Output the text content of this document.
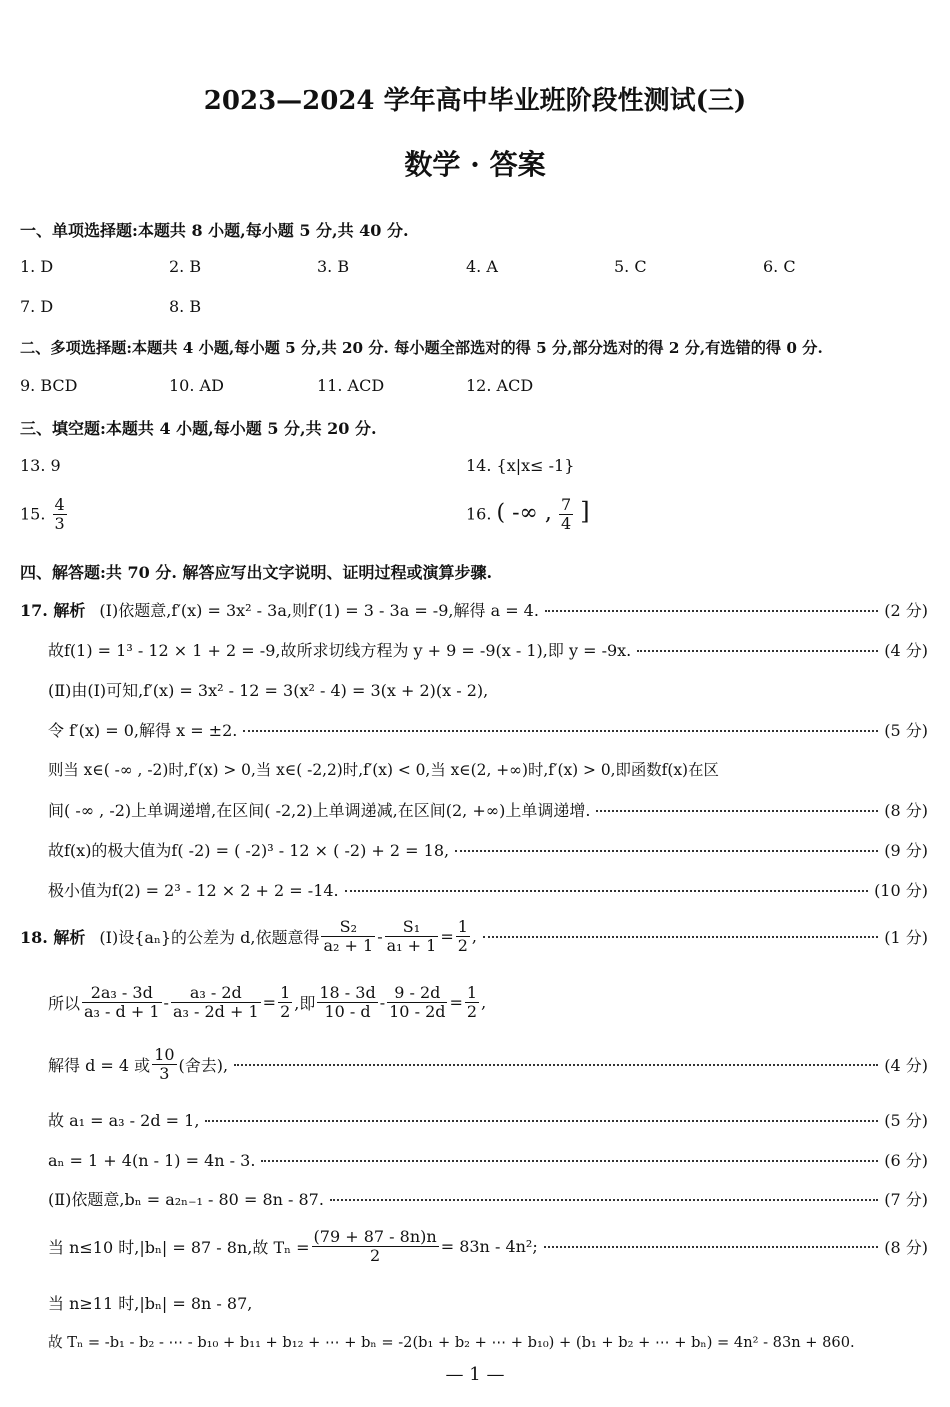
2023—2024 学年高中毕业班阶段性测试(三)
数学 · 答案
一、单项选择题:本题共 8 小题,每小题 5 分,共 40 分.
1. D	2. B	3. B	4. A	5. C	6. C
7. D	8. B
二、多项选择题:本题共 4 小题,每小题 5 分,共 20 分. 每小题全部选对的得 5 分,部分选对的得 2 分,有选错的得 0 分.
9. BCD	10. AD	11. ACD	12. ACD
三、填空题:本题共 4 小题,每小题 5 分,共 20 分.
13. 9	14. {x|x≤ -1}
15. $\frac{4}{3}$	16. ( -∞ , $\frac{7}{4}$ ]
四、解答题:共 70 分. 解答应写出文字说明、证明过程或演算步骤.
17. 解析 (Ⅰ)依题意,f′(x) = 3x² - 3a,则f′(1) = 3 - 3a = -9,解得 a = 4.	(2 分)
故f(1) = 1³ - 12 × 1 + 2 = -9,故所求切线方程为 y + 9 = -9(x - 1),即 y = -9x.	(4 分)
(Ⅱ)由(Ⅰ)可知,f′(x) = 3x² - 12 = 3(x² - 4) = 3(x + 2)(x - 2),
令 f′(x) = 0,解得 x = ±2.	(5 分)
则当 x∈( -∞ , -2)时,f′(x) > 0,当 x∈( -2,2)时,f′(x) < 0,当 x∈(2, +∞)时,f′(x) > 0,即函数f(x)在区
间( -∞ , -2)上单调递增,在区间( -2,2)上单调递减,在区间(2, +∞)上单调递增.	(8 分)
故f(x)的极大值为f( -2) = ( -2)³ - 12 × ( -2) + 2 = 18,	(9 分)
极小值为f(2) = 2³ - 12 × 2 + 2 = -14.	(10 分)
18. 解析 (Ⅰ)设{aₙ}的公差为 d,依题意得 $\frac{\text{S₂}}{\text{a₂ + 1}} - \frac{\text{S₁}}{\text{a₁ + 1}} = \frac{1}{2}$ ,	(1 分)
所以 $\frac{\text{2a₃ - 3d}}{\text{a₃ - d + 1}} - \frac{\text{a₃ - 2d}}{\text{a₃ - 2d + 1}} = \frac{1}{2}$ ,即 $\frac{18 - 3d}{10 - d} - \frac{9 - 2d}{10 - 2d} = \frac{1}{2}$ ,
解得 d = 4 或 $\frac{10}{3}$ (舍去),	(4 分)
故 a₁ = a₃ - 2d = 1,	(5 分)
aₙ = 1 + 4(n - 1) = 4n - 3.	(6 分)
(Ⅱ)依题意,bₙ = a₂ₙ₋₁ - 80 = 8n - 87.	(7 分)
当 n≤10 时,|bₙ| = 87 - 8n,故 $T_n = \frac{(79 + 87 - 8n)n}{2} = 83n - 4n^2$;	(8 分)
当 n≥11 时,|bₙ| = 8n - 87,
故 Tₙ = -b₁ - b₂ - ⋯ - b₁₀ + b₁₁ + b₁₂ + ⋯ + bₙ = -2(b₁ + b₂ + ⋯ + b₁₀) + (b₁ + b₂ + ⋯ + bₙ) = 4n² - 83n + 860.
— 1 —
